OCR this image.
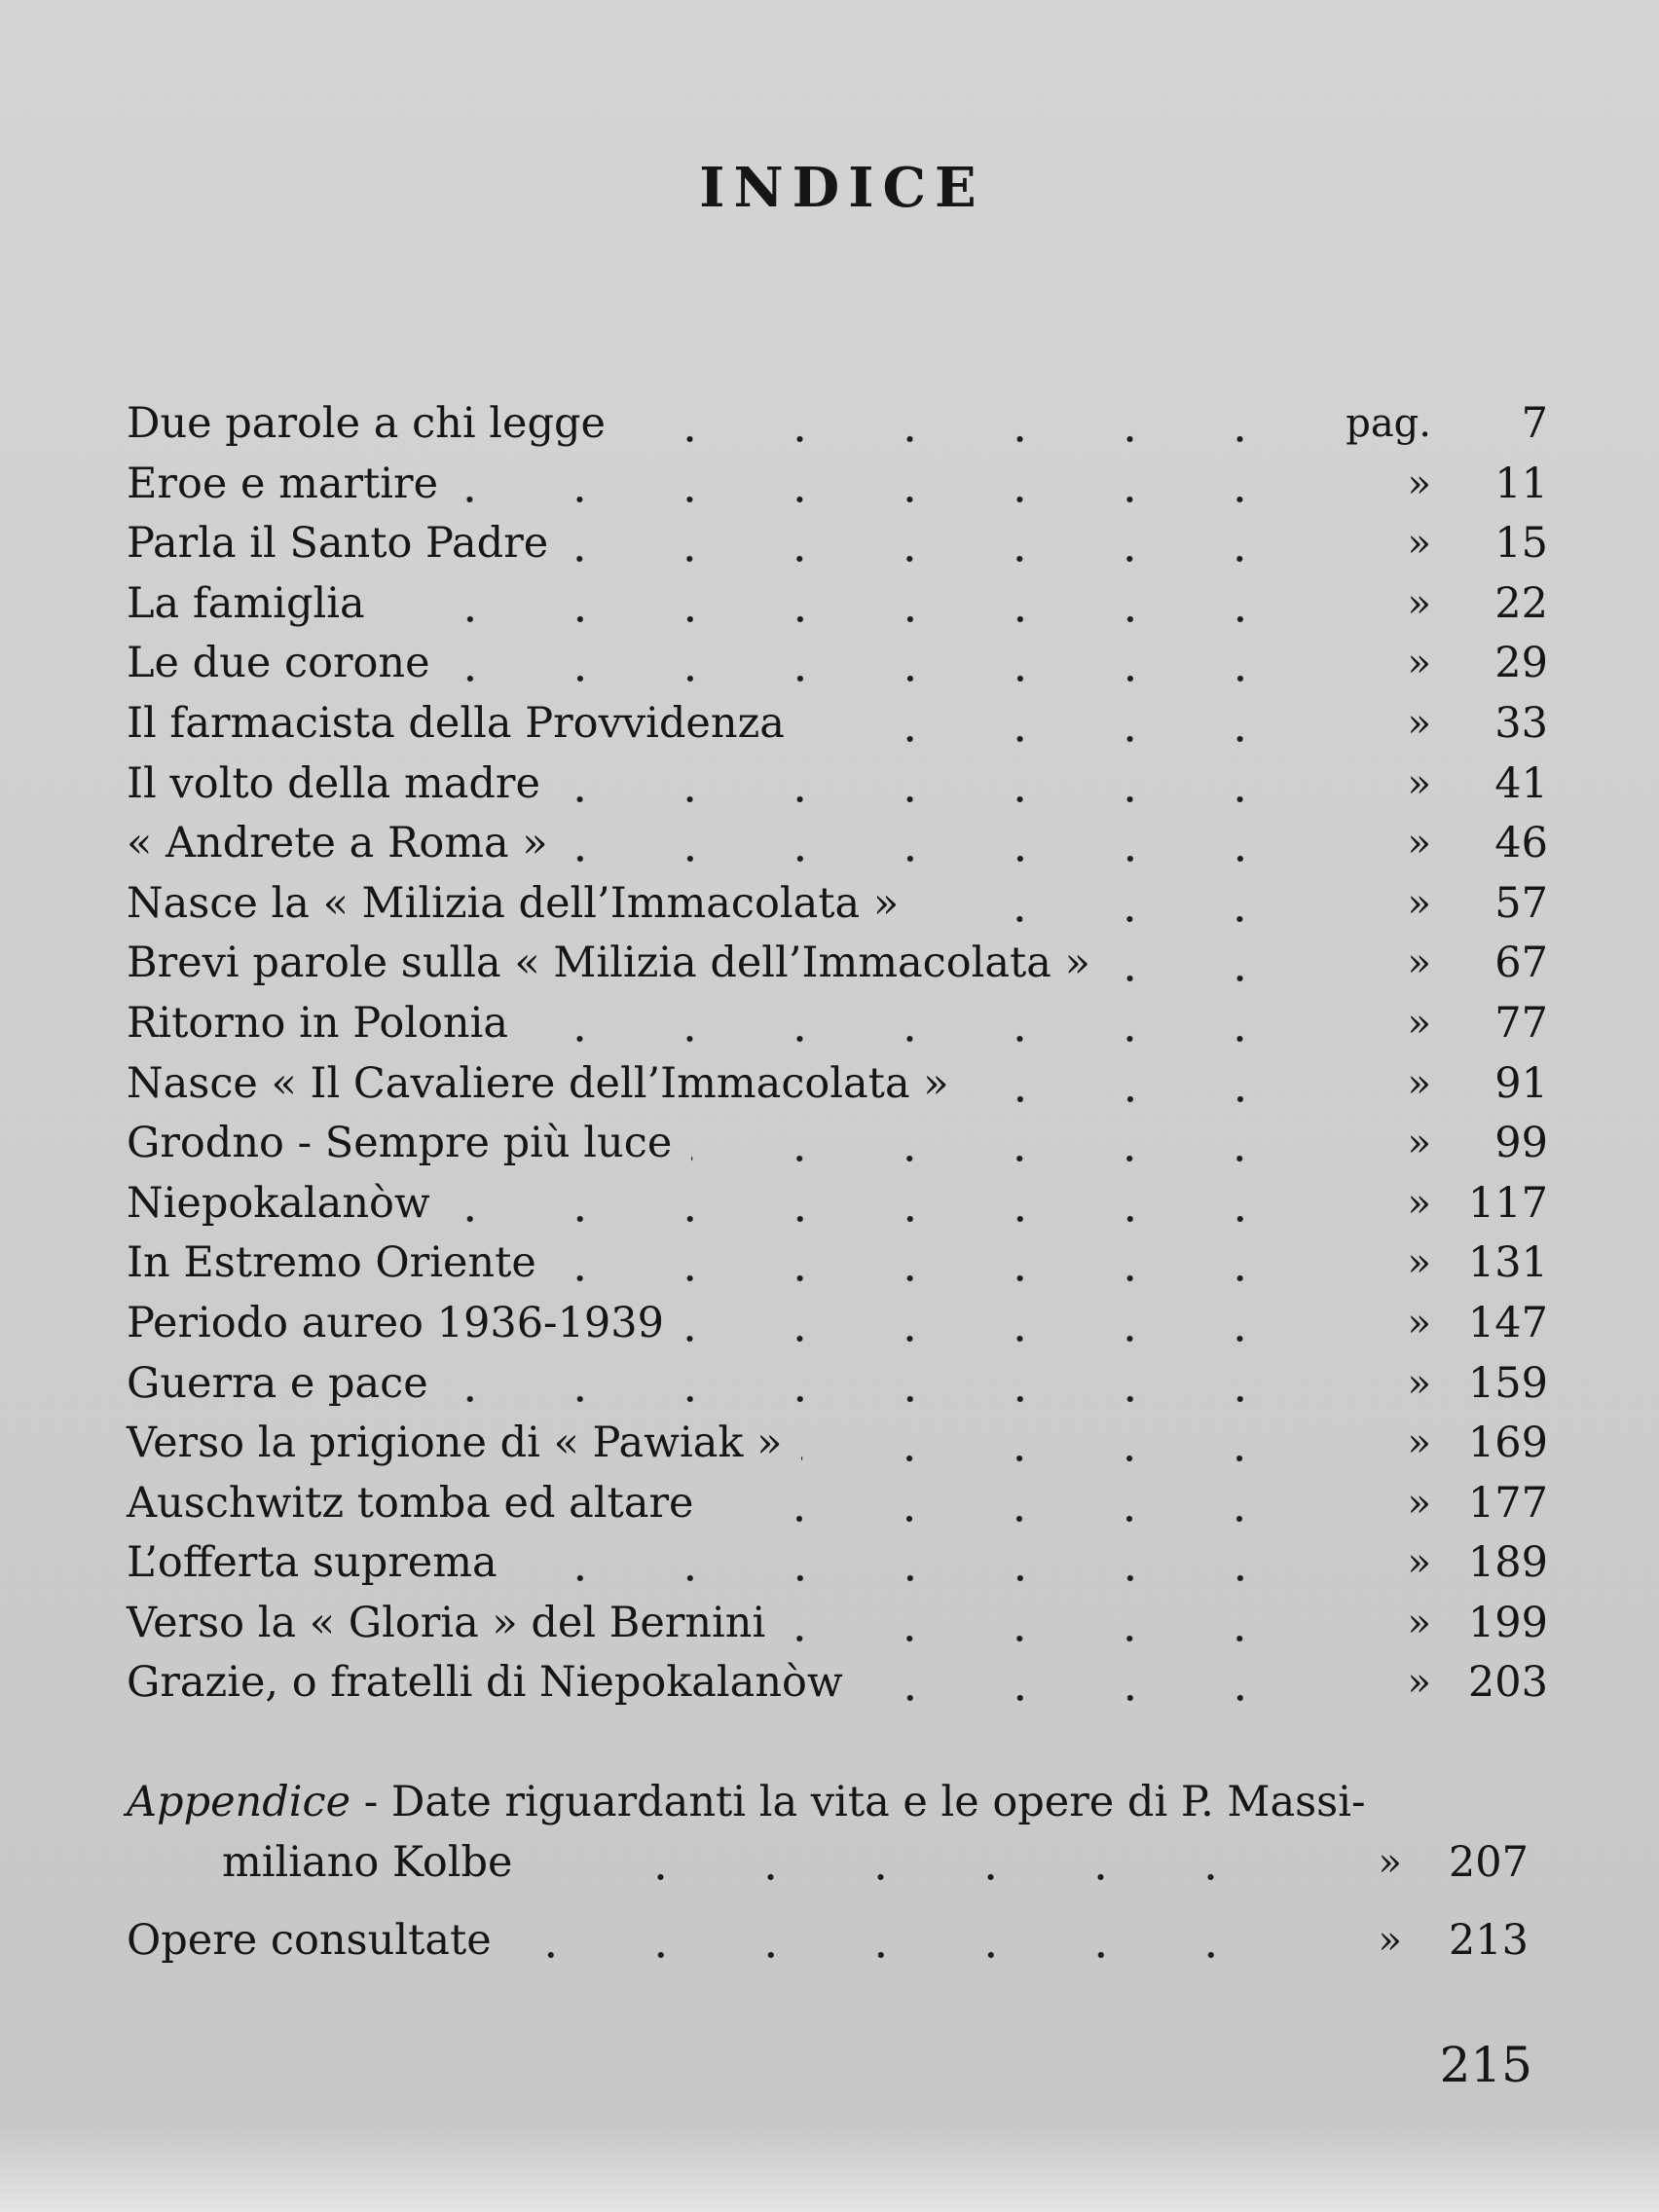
INDICE
Due parole a chi legge	pag.	7
Eroe e martire	»	11
Parla il Santo Padre	»	15
La famiglia	»	22
Le due corone	»	29
Il farmacista della Provvidenza	»	33
Il volto della madre	»	41
« Andrete a Roma »	»	46
Nasce la « Milizia dell’Immacolata »	»	57
Brevi parole sulla « Milizia dell’Immacolata »	»	67
Ritorno in Polonia	»	77
Nasce « Il Cavaliere dell’Immacolata »	»	91
Grodno - Sempre più luce	»	99
Niepokalanòw	» 117
In Estremo Oriente	» 131
Periodo aureo 1936-1939	» 147
Guerra e pace	» 159
Verso la prigione di « Pawiak »	» 169
Auschwitz tomba ed altare	» 177
L’offerta suprema	» 189
Verso la « Gloria » del Bernini	» 199
Grazie, o fratelli di Niepokalanòw	» 203
Appendice - Date riguardanti la vita e le opere di P. Massi-
miliano Kolbe	»	207
Opere consultate	»	213
215
